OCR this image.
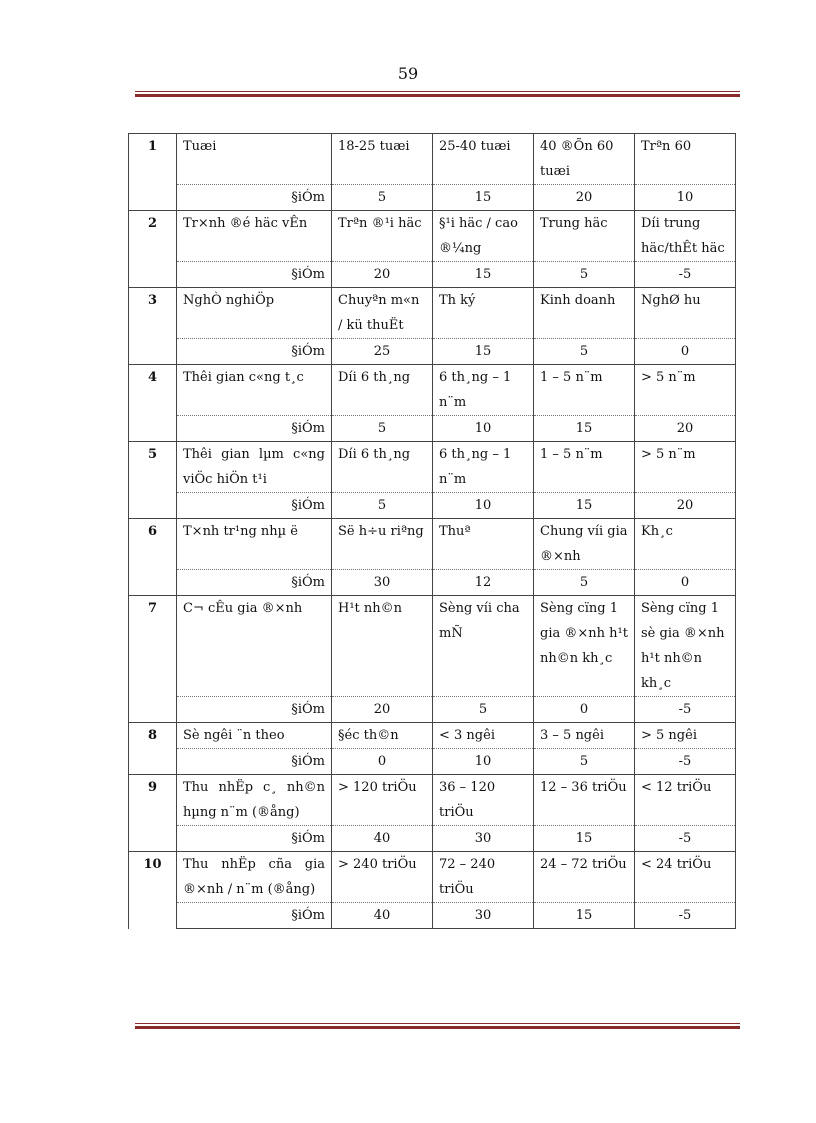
59
1	Tuæi	18-25 tuæi	25-40 tuæi	40 ®Õn 60 tuæi	Trªn 60
	§iÓm	5	15	20	10
2	Tr×nh ®é häc vÊn	Trªn ®¹i häc	§¹i häc / cao ®¼ng	Trung häc	Díi trung häc/thÊt häc
	§iÓm	20	15	5	-5
3	NghÒ nghiÖp	Chuyªn m«n / kü thuËt	Th ký	Kinh doanh	NghØ hu
	§iÓm	25	15	5	0
4	Thêi gian c«ng t¸c	Díi 6 th¸ng	6 th¸ng – 1 n¨m	1 – 5 n¨m	> 5 n¨m
	§iÓm	5	10	15	20
5	Thêi gian lµm c«ng viÖc hiÖn t¹i	Díi 6 th¸ng	6 th¸ng – 1 n¨m	1 – 5 n¨m	> 5 n¨m
	§iÓm	5	10	15	20
6	T×nh tr¹ng nhµ ë	Së h÷u riªng	Thuª	Chung víi gia ®×nh	Kh¸c
	§iÓm	30	12	5	0
7	C¬ cÊu gia ®×nh	H¹t nh©n	Sèng víi cha mÑ	Sèng cïng 1 gia ®×nh h¹t nh©n kh¸c	Sèng cïng 1 sè gia ®×nh h¹t nh©n kh¸c
	§iÓm	20	5	0	-5
8	Sè ngêi ¨n theo	§éc th©n	< 3 ngêi	3 – 5 ngêi	> 5 ngêi
	§iÓm	0	10	5	-5
9	Thu nhËp c¸ nh©n hµng n¨m (®ång)	> 120 triÖu	36 – 120 triÖu	12 – 36 triÖu	< 12 triÖu
	§iÓm	40	30	15	-5
10	Thu nhËp cña gia ®×nh / n¨m (®ång)	> 240 triÖu	72 – 240 triÖu	24 – 72 triÖu	< 24 triÖu
	§iÓm	40	30	15	-5
